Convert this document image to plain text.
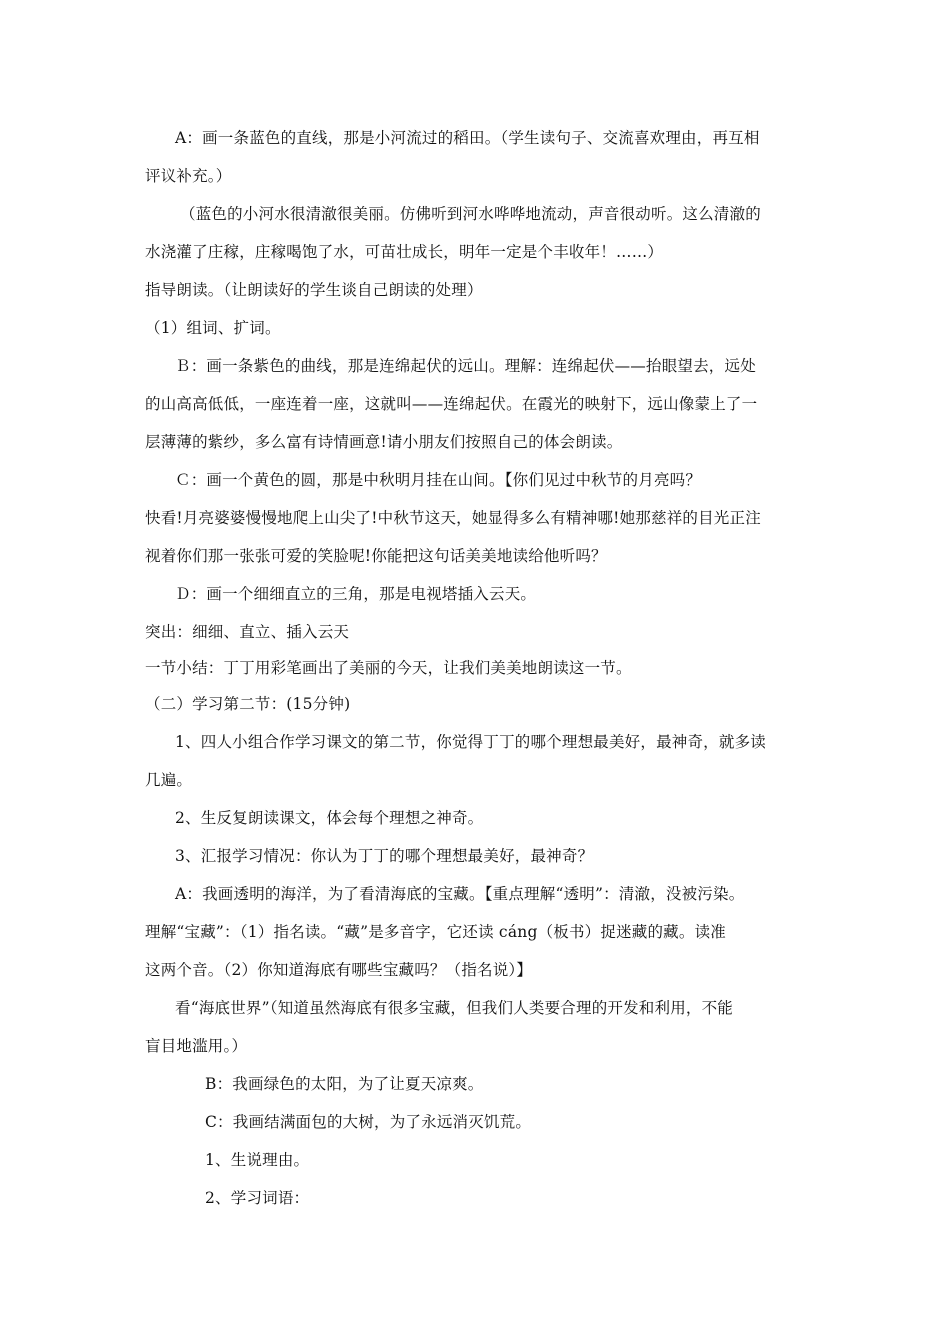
A：画一条蓝色的直线，那是小河流过的稻田。（学生读句子、交流喜欢理由，再互相
评议补充。）
（蓝色的小河水很清澈很美丽。仿佛听到河水哗哗地流动，声音很动听。这么清澈的
水浇灌了庄稼，庄稼喝饱了水，可苗壮成长，明年一定是个丰收年！……）
指导朗读。（让朗读好的学生谈自己朗读的处理）
（1）组词、扩词。
Ｂ：画一条紫色的曲线，那是连绵起伏的远山。理解：连绵起伏——抬眼望去，远处
的山高高低低，一座连着一座，这就叫——连绵起伏。在霞光的映射下，远山像蒙上了一
层薄薄的紫纱，多么富有诗情画意!请小朋友们按照自己的体会朗读。
Ｃ：画一个黄色的圆，那是中秋明月挂在山间。【你们见过中秋节的月亮吗？
快看!月亮婆婆慢慢地爬上山尖了!中秋节这天，她显得多么有精神哪!她那慈祥的目光正注
视着你们那一张张可爱的笑脸呢!你能把这句话美美地读给他听吗？
Ｄ：画一个细细直立的三角，那是电视塔插入云天。
突出：细细、直立、插入云天
一节小结：丁丁用彩笔画出了美丽的今天，让我们美美地朗读这一节。
（二）学习第二节：(15分钟)
1、四人小组合作学习课文的第二节，你觉得丁丁的哪个理想最美好，最神奇，就多读
几遍。
2、生反复朗读课文，体会每个理想之神奇。
3、汇报学习情况：你认为丁丁的哪个理想最美好，最神奇？
A：我画透明的海洋，为了看清海底的宝藏。【重点理解“透明”：清澈，没被污染。
理解“宝藏”：（1）指名读。“藏”是多音字，它还读 cáng（板书）捉迷藏的藏。读准
这两个音。（2）你知道海底有哪些宝藏吗？（指名说）】
看“海底世界”（知道虽然海底有很多宝藏，但我们人类要合理的开发和利用，不能
盲目地滥用。）
B：我画绿色的太阳，为了让夏天凉爽。
C：我画结满面包的大树，为了永远消灭饥荒。
1、生说理由。
2、学习词语：
